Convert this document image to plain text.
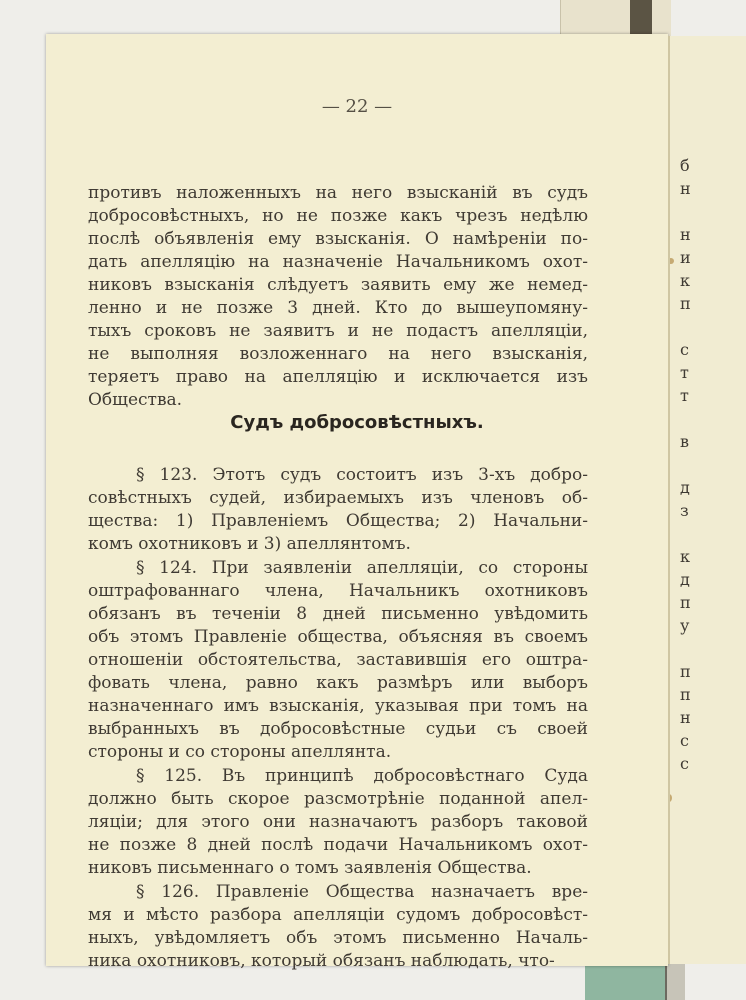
— 22 —

противъ наложенныхъ на него взысканій въ судъ
добросовѣстныхъ, но не позже какъ чрезъ недѣлю
послѣ объявленія ему взысканія. О намѣреніи по-
дать апелляцію на назначеніе Начальникомъ охот-
никовъ взысканія слѣдуетъ заявить ему же немед-
ленно и не позже 3 дней. Кто до вышеупомяну-
тыхъ сроковъ не заявитъ и не подастъ апелляціи,
не выполняя возложеннаго на него взысканія,
теряетъ право на апелляцію и исключается изъ
Общества.
Судъ добросовѣстныхъ.
§ 123. Этотъ судъ состоитъ изъ 3-хъ добро-
совѣстныхъ судей, избираемыхъ изъ членовъ об-
щества: 1) Правленіемъ Общества; 2) Начальни-
комъ охотниковъ и 3) апеллянтомъ.
§ 124. При заявленіи апелляціи, со стороны
оштрафованнаго члена, Начальникъ охотниковъ
обязанъ въ теченіи 8 дней письменно увѣдомить
объ этомъ Правленіе общества, объясняя въ своемъ
отношеніи обстоятельства, заставившія его оштра-
фовать члена, равно какъ размѣръ или выборъ
назначеннаго имъ взысканія, указывая при томъ на
выбранныхъ въ добросовѣстные судьи съ своей
стороны и со стороны апеллянта.
§ 125. Въ принципѣ добросовѣстнаго Суда
должно быть скорое разсмотрѣніе поданной апел-
ляціи; для этого они назначаютъ разборъ таковой
не позже 8 дней послѣ подачи Начальникомъ охот-
никовъ письменнаго о томъ заявленія Общества.
§ 126. Правленіе Общества назначаетъ вре-
мя и мѣсто разбора апелляціи судомъ добросовѣст-
ныхъ, увѣдомляетъ объ этомъ письменно Началь-
ника охотниковъ, который обязанъ наблюдать, что-
б
н
н
и
к
п
с
т
т
в
д
з
к
д
п
у
п
п
н
с
с
